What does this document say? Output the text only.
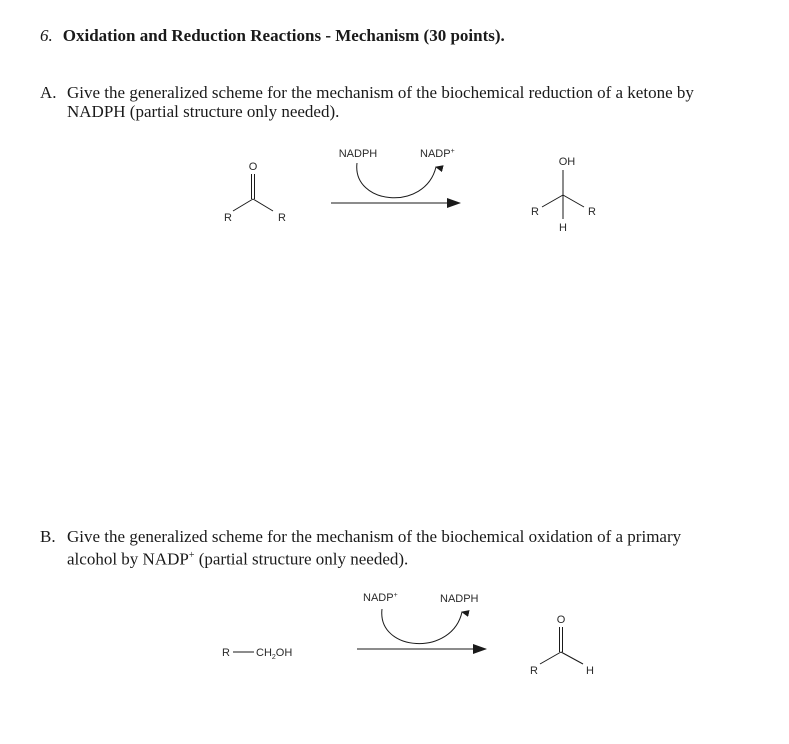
6. Oxidation and Reduction Reactions - Mechanism (30 points).
A. Give the generalized scheme for the mechanism of the biochemical reduction of a ketone by
NADPH (partial structure only needed).
B. Give the generalized scheme for the mechanism of the biochemical oxidation of a primary
alcohol by NADP+ (partial structure only needed).
O
R	R
NADPH	NADP+
OH
R	R
H
R $CH_2OH$
NADP+	NADPH
O
R	H
